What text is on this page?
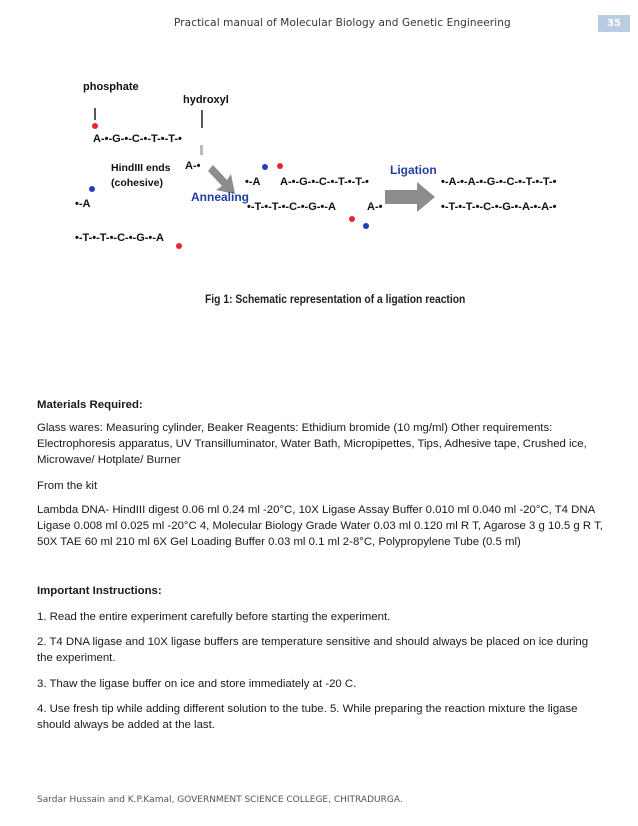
Practical manual of Molecular Biology and Genetic Engineering	35
phosphate
hydroxyl
A-•-G-•-C-•-T-•-T-•
HindIII ends
(cohesive)
A-•
•-A
•-T-•-T-•-C-•-G-•-A
Annealing
•-A A-•-G-•-C-•-T-•-T-•
•-T-•-T-•-C-•-G-•-A	A-•
Ligation
•-A-•-A-•-G-•-C-•-T-•-T-•
•-T-•-T-•-C-•-G-•-A-•-A-•
Fig 1: Schematic representation of a ligation reaction
Materials Required:
Glass wares: Measuring cylinder, Beaker Reagents: Ethidium bromide (10 mg/ml) Other requirements: Electrophoresis apparatus, UV Transilluminator, Water Bath, Micropipettes, Tips, Adhesive tape, Crushed ice, Microwave/ Hotplate/ Burner
From the kit
Lambda DNA- HindIII digest 0.06 ml 0.24 ml -20°C, 10X Ligase Assay Buffer 0.010 ml 0.040 ml -20°C, T4 DNA Ligase 0.008 ml 0.025 ml -20°C 4, Molecular Biology Grade Water 0.03 ml 0.120 ml R T, Agarose 3 g 10.5 g R T, 50X TAE 60 ml 210 ml 6X Gel Loading Buffer 0.03 ml 0.1 ml 2-8°C, Polypropylene Tube (0.5 ml)
Important Instructions:
1. Read the entire experiment carefully before starting the experiment.
2. T4 DNA ligase and 10X ligase buffers are temperature sensitive and should always be placed on ice during the experiment.
3. Thaw the ligase buffer on ice and store immediately at -20 C.
4. Use fresh tip while adding different solution to the tube. 5. While preparing the reaction mixture the ligase should always be added at the last.
Sardar Hussain and K.P.Kamal, GOVERNMENT SCIENCE COLLEGE, CHITRADURGA.
